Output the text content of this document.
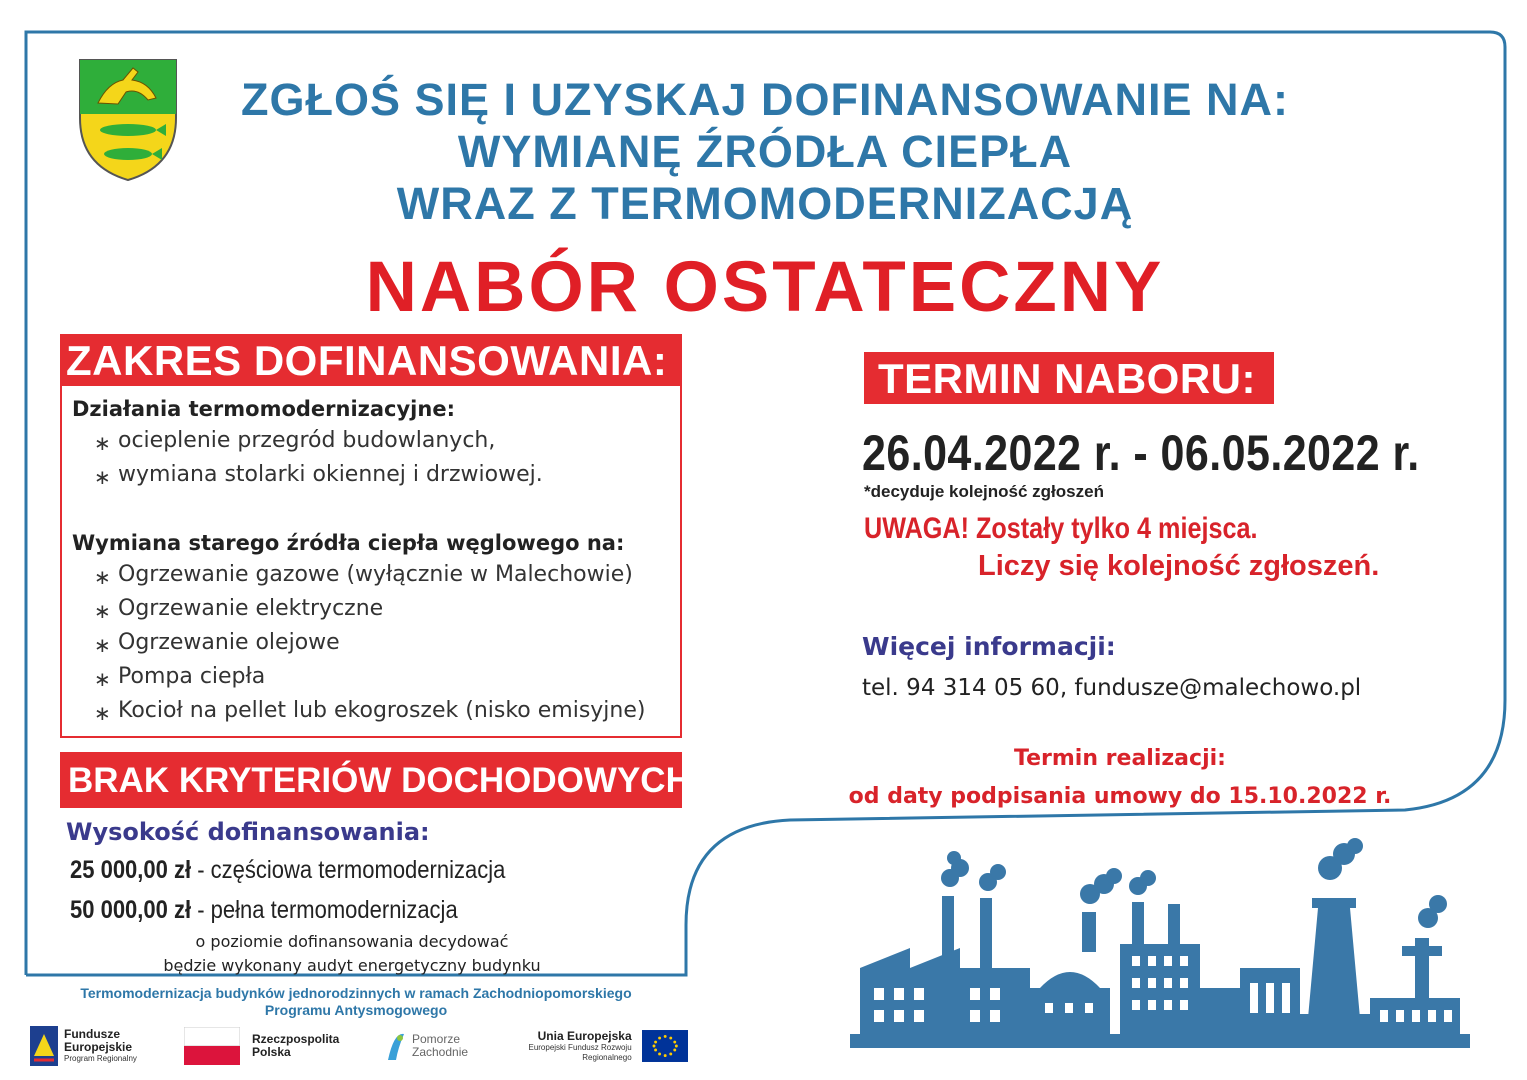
ZGŁOŚ SIĘ I UZYSKAJ DOFINANSOWANIE NA:
WYMIANĘ ŹRÓDŁA CIEPŁA
WRAZ Z TERMOMODERNIZACJĄ
NABÓR OSTATECZNY
ZAKRES DOFINANSOWANIA:
Działania termomodernizacyjne:
∗ ocieplenie przegród budowlanych,
∗ wymiana stolarki okiennej i drzwiowej.
Wymiana starego źródła ciepła węglowego na:
∗ Ogrzewanie gazowe (wyłącznie w Malechowie)
∗ Ogrzewanie elektryczne
∗ Ogrzewanie olejowe
∗ Pompa ciepła
∗ Kocioł na pellet lub ekogroszek (nisko emisyjne)
BRAK KRYTERIÓW DOCHODOWYCH
Wysokość dofinansowania:
25 000,00 zł - częściowa termomodernizacja
50 000,00 zł - pełna termomodernizacja
o poziomie dofinansowania decydować
będzie wykonany audyt energetyczny budynku
TERMIN NABORU:
26.04.2022 r. - 06.05.2022 r.
*decyduje kolejność zgłoszeń
UWAGA! Zostały tylko 4 miejsca.
Liczy się kolejność zgłoszeń.
Więcej informacji:
tel. 94 314 05 60, fundusze@malechowo.pl
Termin realizacji:
od daty podpisania umowy do 15.10.2022 r.
Termomodernizacja budynków jednorodzinnych w ramach Zachodniopomorskiego
Programu Antysmogowego
Fundusze
Europejskie
Program Regionalny
Rzeczpospolita
Polska
Pomorze
Zachodnie
Unia Europejska
Europejski Fundusz Rozwoju Regionalnego
